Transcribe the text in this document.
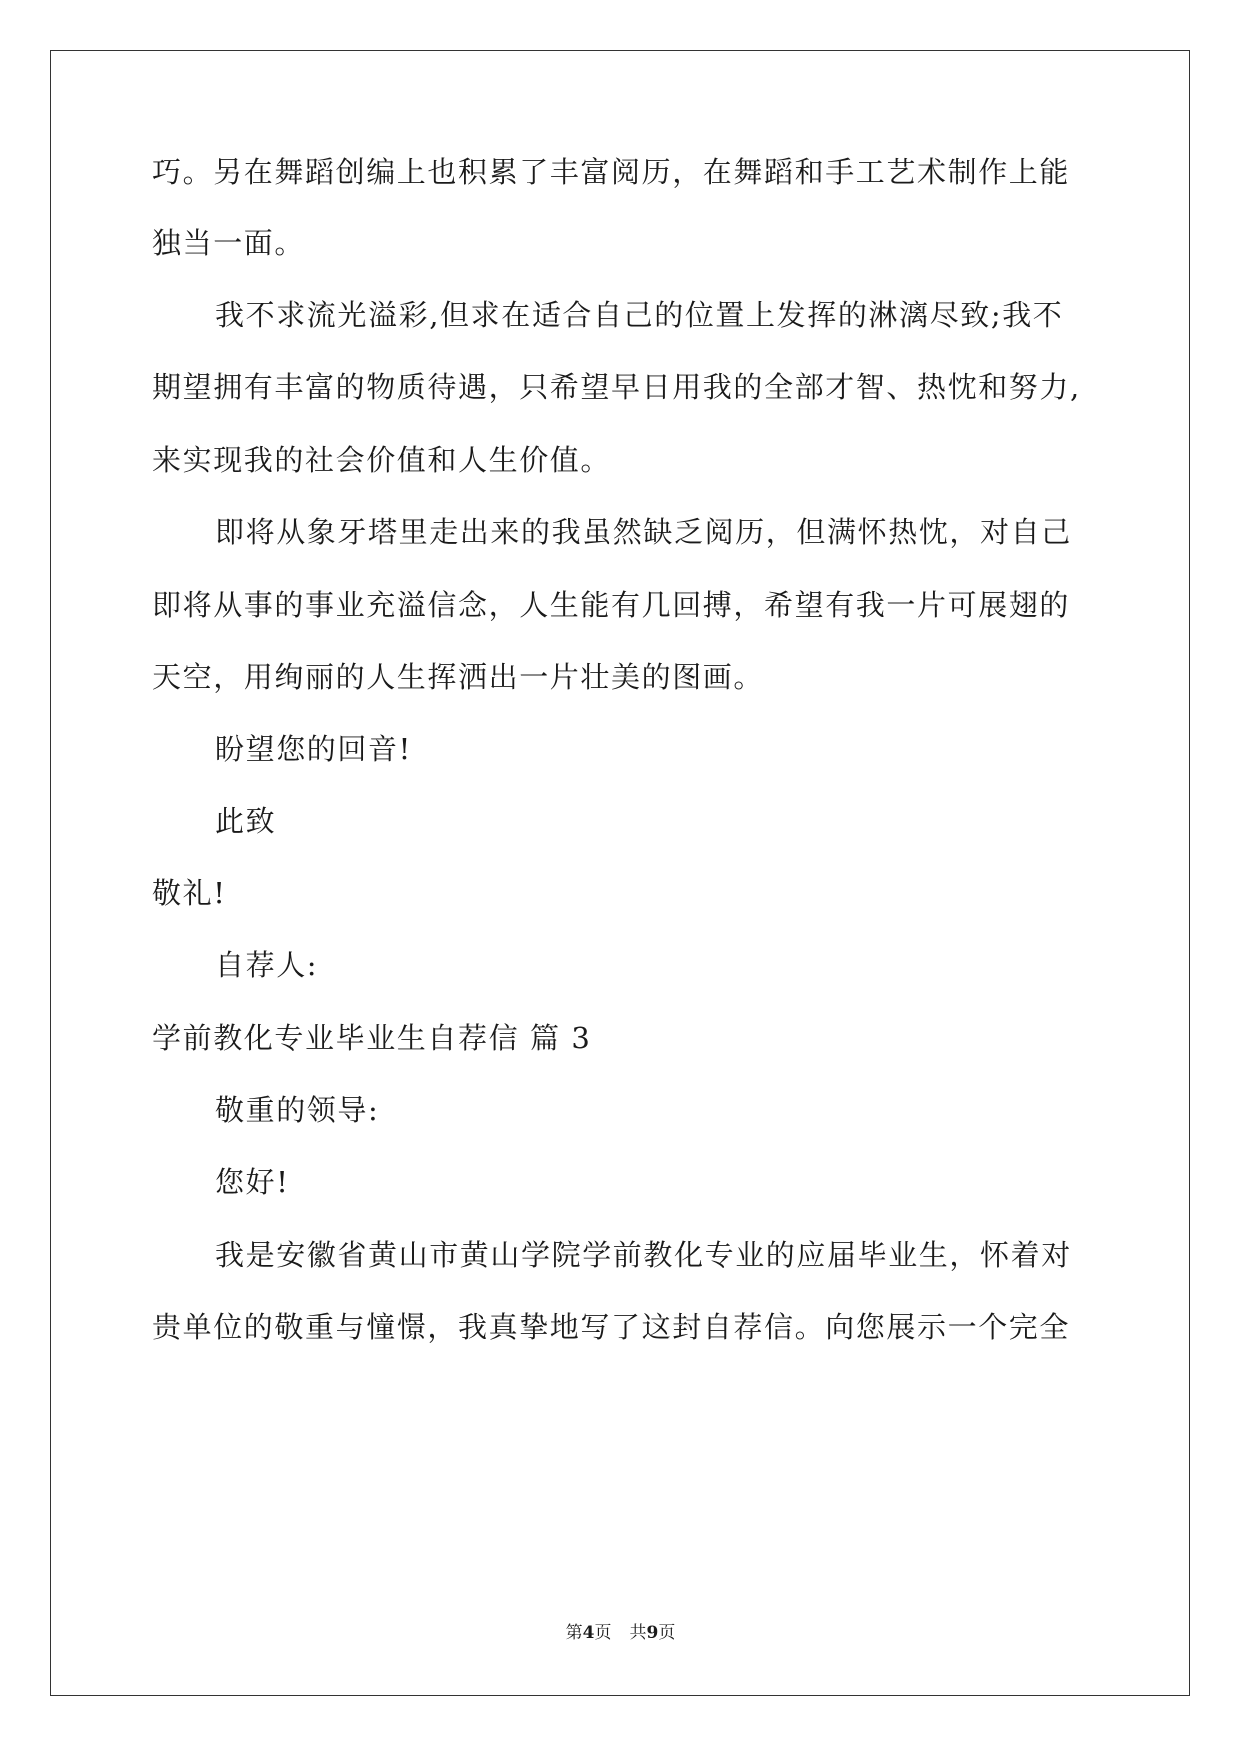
巧。另在舞蹈创编上也积累了丰富阅历，在舞蹈和手工艺术制作上能
独当一面。
我不求流光溢彩,但求在适合自己的位置上发挥的淋漓尽致;我不
期望拥有丰富的物质待遇，只希望早日用我的全部才智、热忱和努力,
来实现我的社会价值和人生价值。
即将从象牙塔里走出来的我虽然缺乏阅历，但满怀热忱，对自己
即将从事的事业充溢信念，人生能有几回搏，希望有我一片可展翅的
天空，用绚丽的人生挥洒出一片壮美的图画。
盼望您的回音!
此致
敬礼!
自荐人:
学前教化专业毕业生自荐信 篇 3
敬重的领导:
您好!
我是安徽省黄山市黄山学院学前教化专业的应届毕业生，怀着对
贵单位的敬重与憧憬，我真挚地写了这封自荐信。向您展示一个完全
第4页 共9页
